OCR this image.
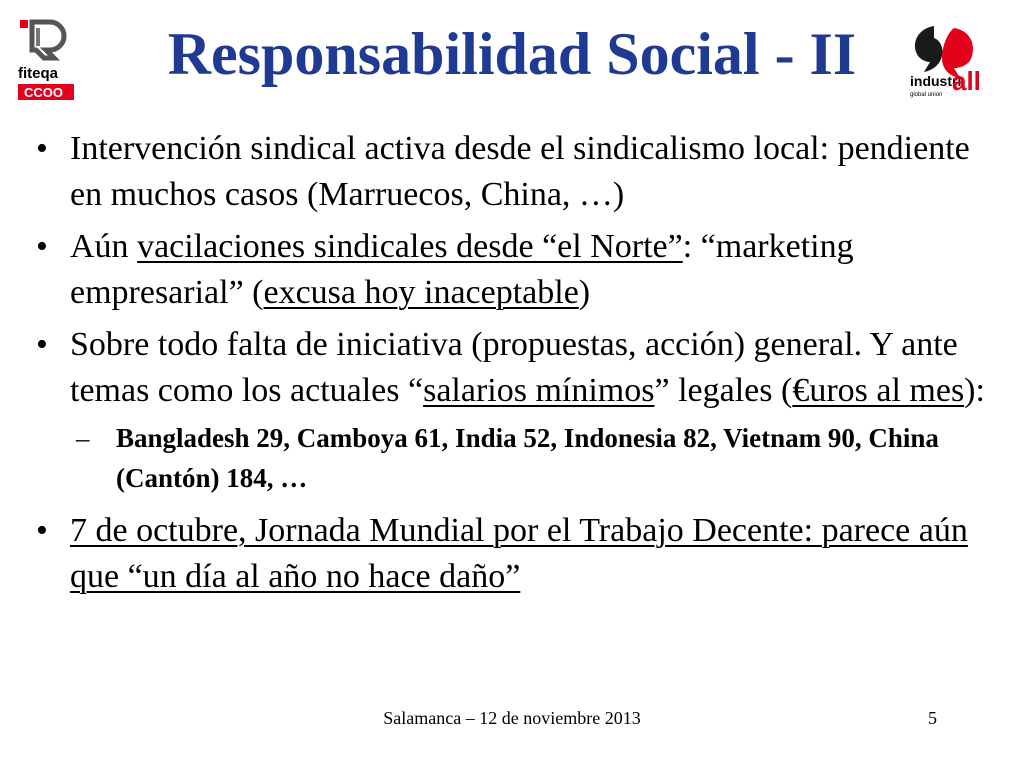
fiteqa
CCOO
Responsabilidad Social - II	industri
all
global union
• Intervención sindical activa desde el sindicalismo local: pendiente en muchos casos (Marruecos, China, …)
• Aún vacilaciones sindicales desde “el Norte”: “marketing empresarial” (excusa hoy inaceptable)
• Sobre todo falta de iniciativa (propuestas, acción) general. Y ante temas como los actuales “salarios mínimos” legales (€uros al mes):
– Bangladesh 29, Camboya 61, India 52, Indonesia 82, Vietnam 90, China (Cantón) 184, …
• 7 de octubre, Jornada Mundial por el Trabajo Decente: parece aún que “un día al año no hace daño”
Salamanca – 12 de noviembre 2013	5
